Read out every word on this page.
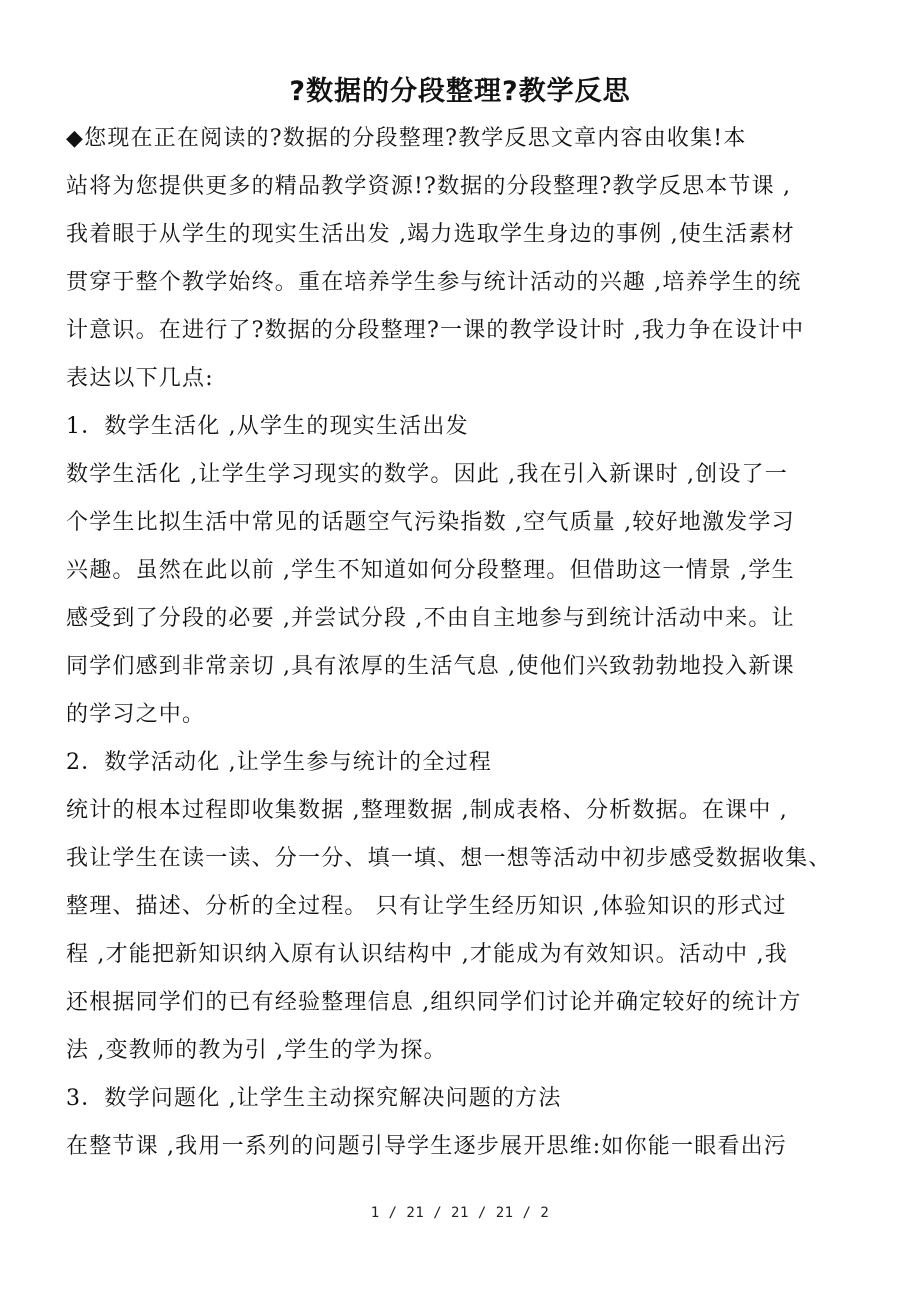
?数据的分段整理?教学反思
◆您现在正在阅读的?数据的分段整理?教学反思文章内容由收集!本
站将为您提供更多的精品教学资源!?数据的分段整理?教学反思本节课 ,
我着眼于从学生的现实生活出发 ,竭力选取学生身边的事例 ,使生活素材
贯穿于整个教学始终。重在培养学生参与统计活动的兴趣 ,培养学生的统
计意识。在进行了?数据的分段整理?一课的教学设计时 ,我力争在设计中
表达以下几点:
1．数学生活化 ,从学生的现实生活出发
数学生活化 ,让学生学习现实的数学。因此 ,我在引入新课时 ,创设了一
个学生比拟生活中常见的话题空气污染指数 ,空气质量 ,较好地激发学习
兴趣。虽然在此以前 ,学生不知道如何分段整理。但借助这一情景 ,学生
感受到了分段的必要 ,并尝试分段 ,不由自主地参与到统计活动中来。让
同学们感到非常亲切 ,具有浓厚的生活气息 ,使他们兴致勃勃地投入新课
的学习之中。
2．数学活动化 ,让学生参与统计的全过程
统计的根本过程即收集数据 ,整理数据 ,制成表格、分析数据。在课中 ,
我让学生在读一读、分一分、填一填、想一想等活动中初步感受数据收集、
整理、描述、分析的全过程。 只有让学生经历知识 ,体验知识的形式过
程 ,才能把新知识纳入原有认识结构中 ,才能成为有效知识。活动中 ,我
还根据同学们的已有经验整理信息 ,组织同学们讨论并确定较好的统计方
法 ,变教师的教为引 ,学生的学为探。
3．数学问题化 ,让学生主动探究解决问题的方法
在整节课 ,我用一系列的问题引导学生逐步展开思维:如你能一眼看出污
1 / 21 / 21 / 21 / 2
